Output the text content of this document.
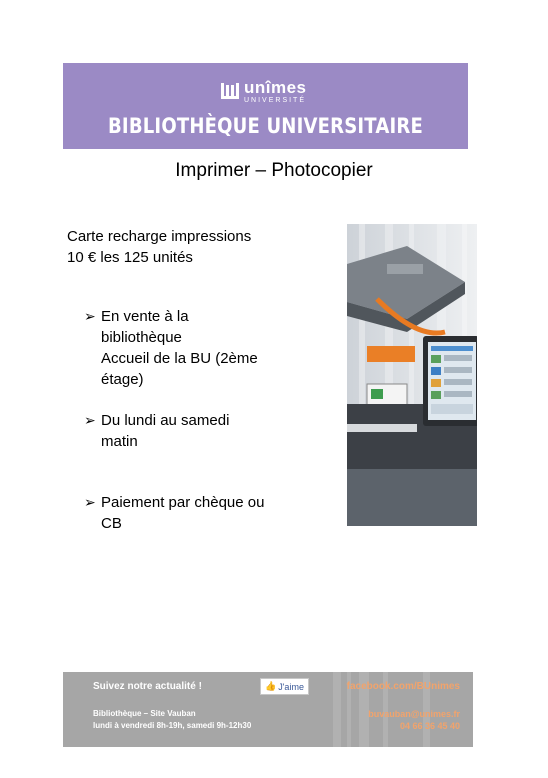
unîmes
UNIVERSITÉ
BIBLIOTHÈQUE UNIVERSITAIRE
Imprimer – Photocopier
Carte recharge impressions
10 € les 125 unités
➢ En vente à la
bibliothèque
Accueil de la BU (2ème
étage)
➢ Du lundi au samedi
matin
➢ Paiement par chèque ou
CB
Suivez notre actualité !	👍 J'aime	facebook.com/BUnimes
Bibliothèque – Site Vauban
lundi à vendredi 8h-19h, samedi 9h-12h30
buvauban@unimes.fr
04 66 36 45 40
